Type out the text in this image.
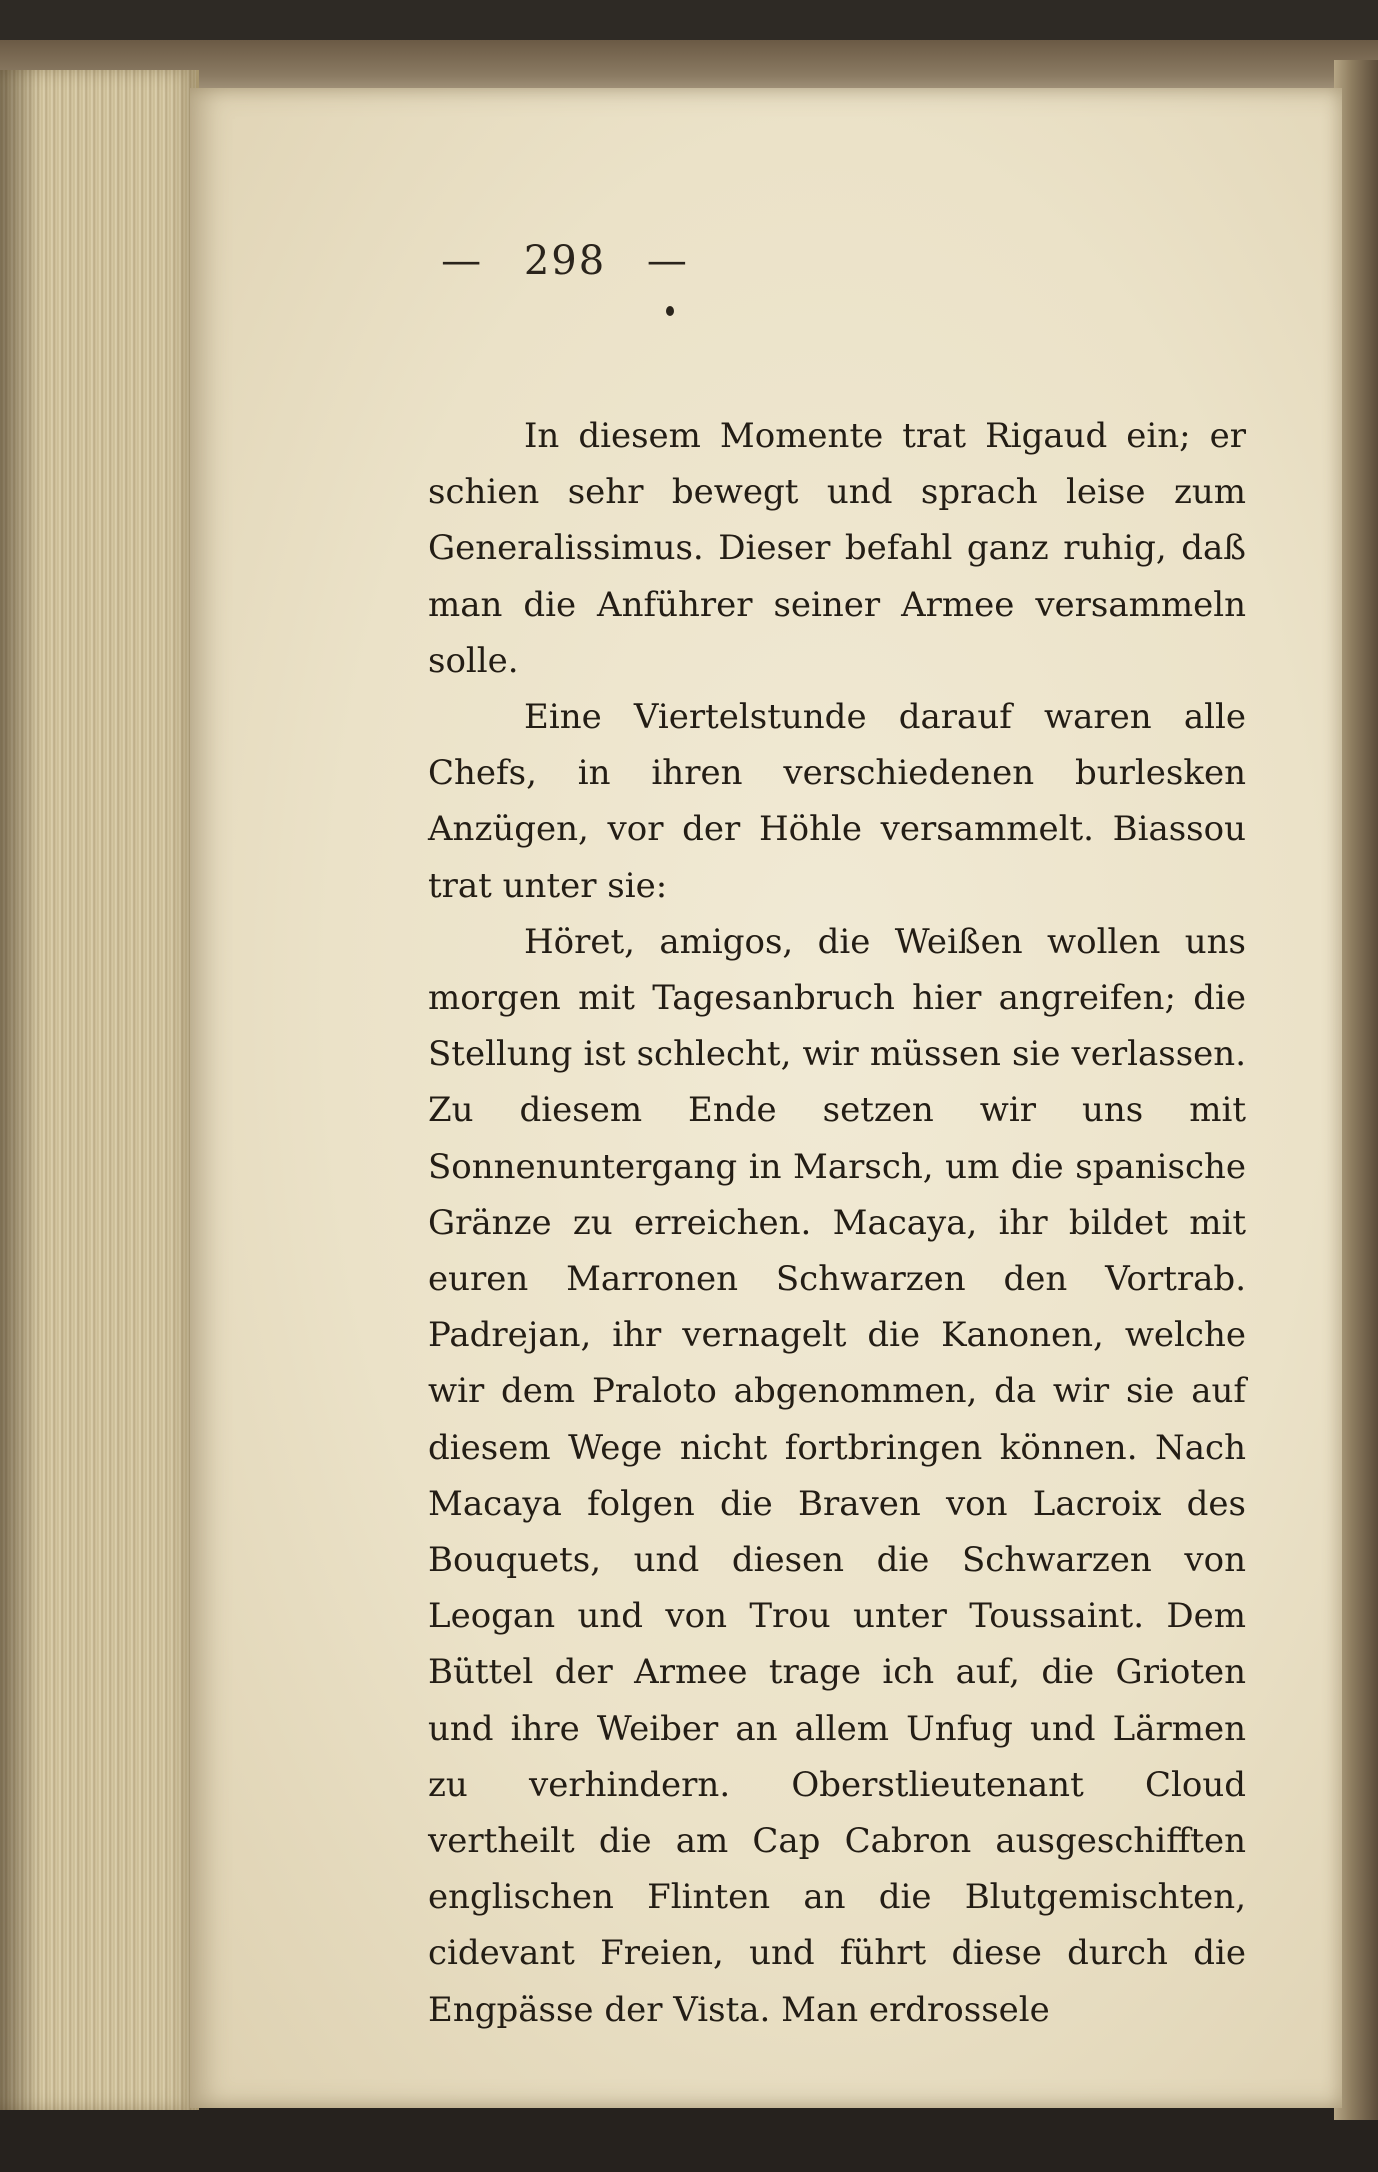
— 298 —

In diesem Momente trat Rigaud ein; er schien sehr bewegt und sprach leise zum Generalissimus. Dieser befahl ganz ruhig, daß man die Anführer seiner Armee versammeln solle.

Eine Viertelstunde darauf waren alle Chefs, in ihren verschiedenen burlesken Anzügen, vor der Höhle versammelt. Biassou trat unter sie:

Höret, amigos, die Weißen wollen uns morgen mit Tagesanbruch hier angreifen; die Stellung ist schlecht, wir müssen sie verlassen. Zu diesem Ende setzen wir uns mit Sonnenuntergang in Marsch, um die spanische Gränze zu erreichen. Macaya, ihr bildet mit euren Marronen Schwarzen den Vortrab. Padrejan, ihr vernagelt die Kanonen, welche wir dem Praloto abgenommen, da wir sie auf diesem Wege nicht fortbringen können. Nach Macaya folgen die Braven von Lacroix des Bouquets, und diesen die Schwarzen von Leogan und von Trou unter Toussaint. Dem Büttel der Armee trage ich auf, die Grioten und ihre Weiber an allem Unfug und Lärmen zu verhindern. Oberstlieutenant Cloud vertheilt die am Cap Cabron ausgeschifften englischen Flinten an die Blutgemischten, cidevant Freien, und führt diese durch die Engpässe der Vista. Man erdrossele
